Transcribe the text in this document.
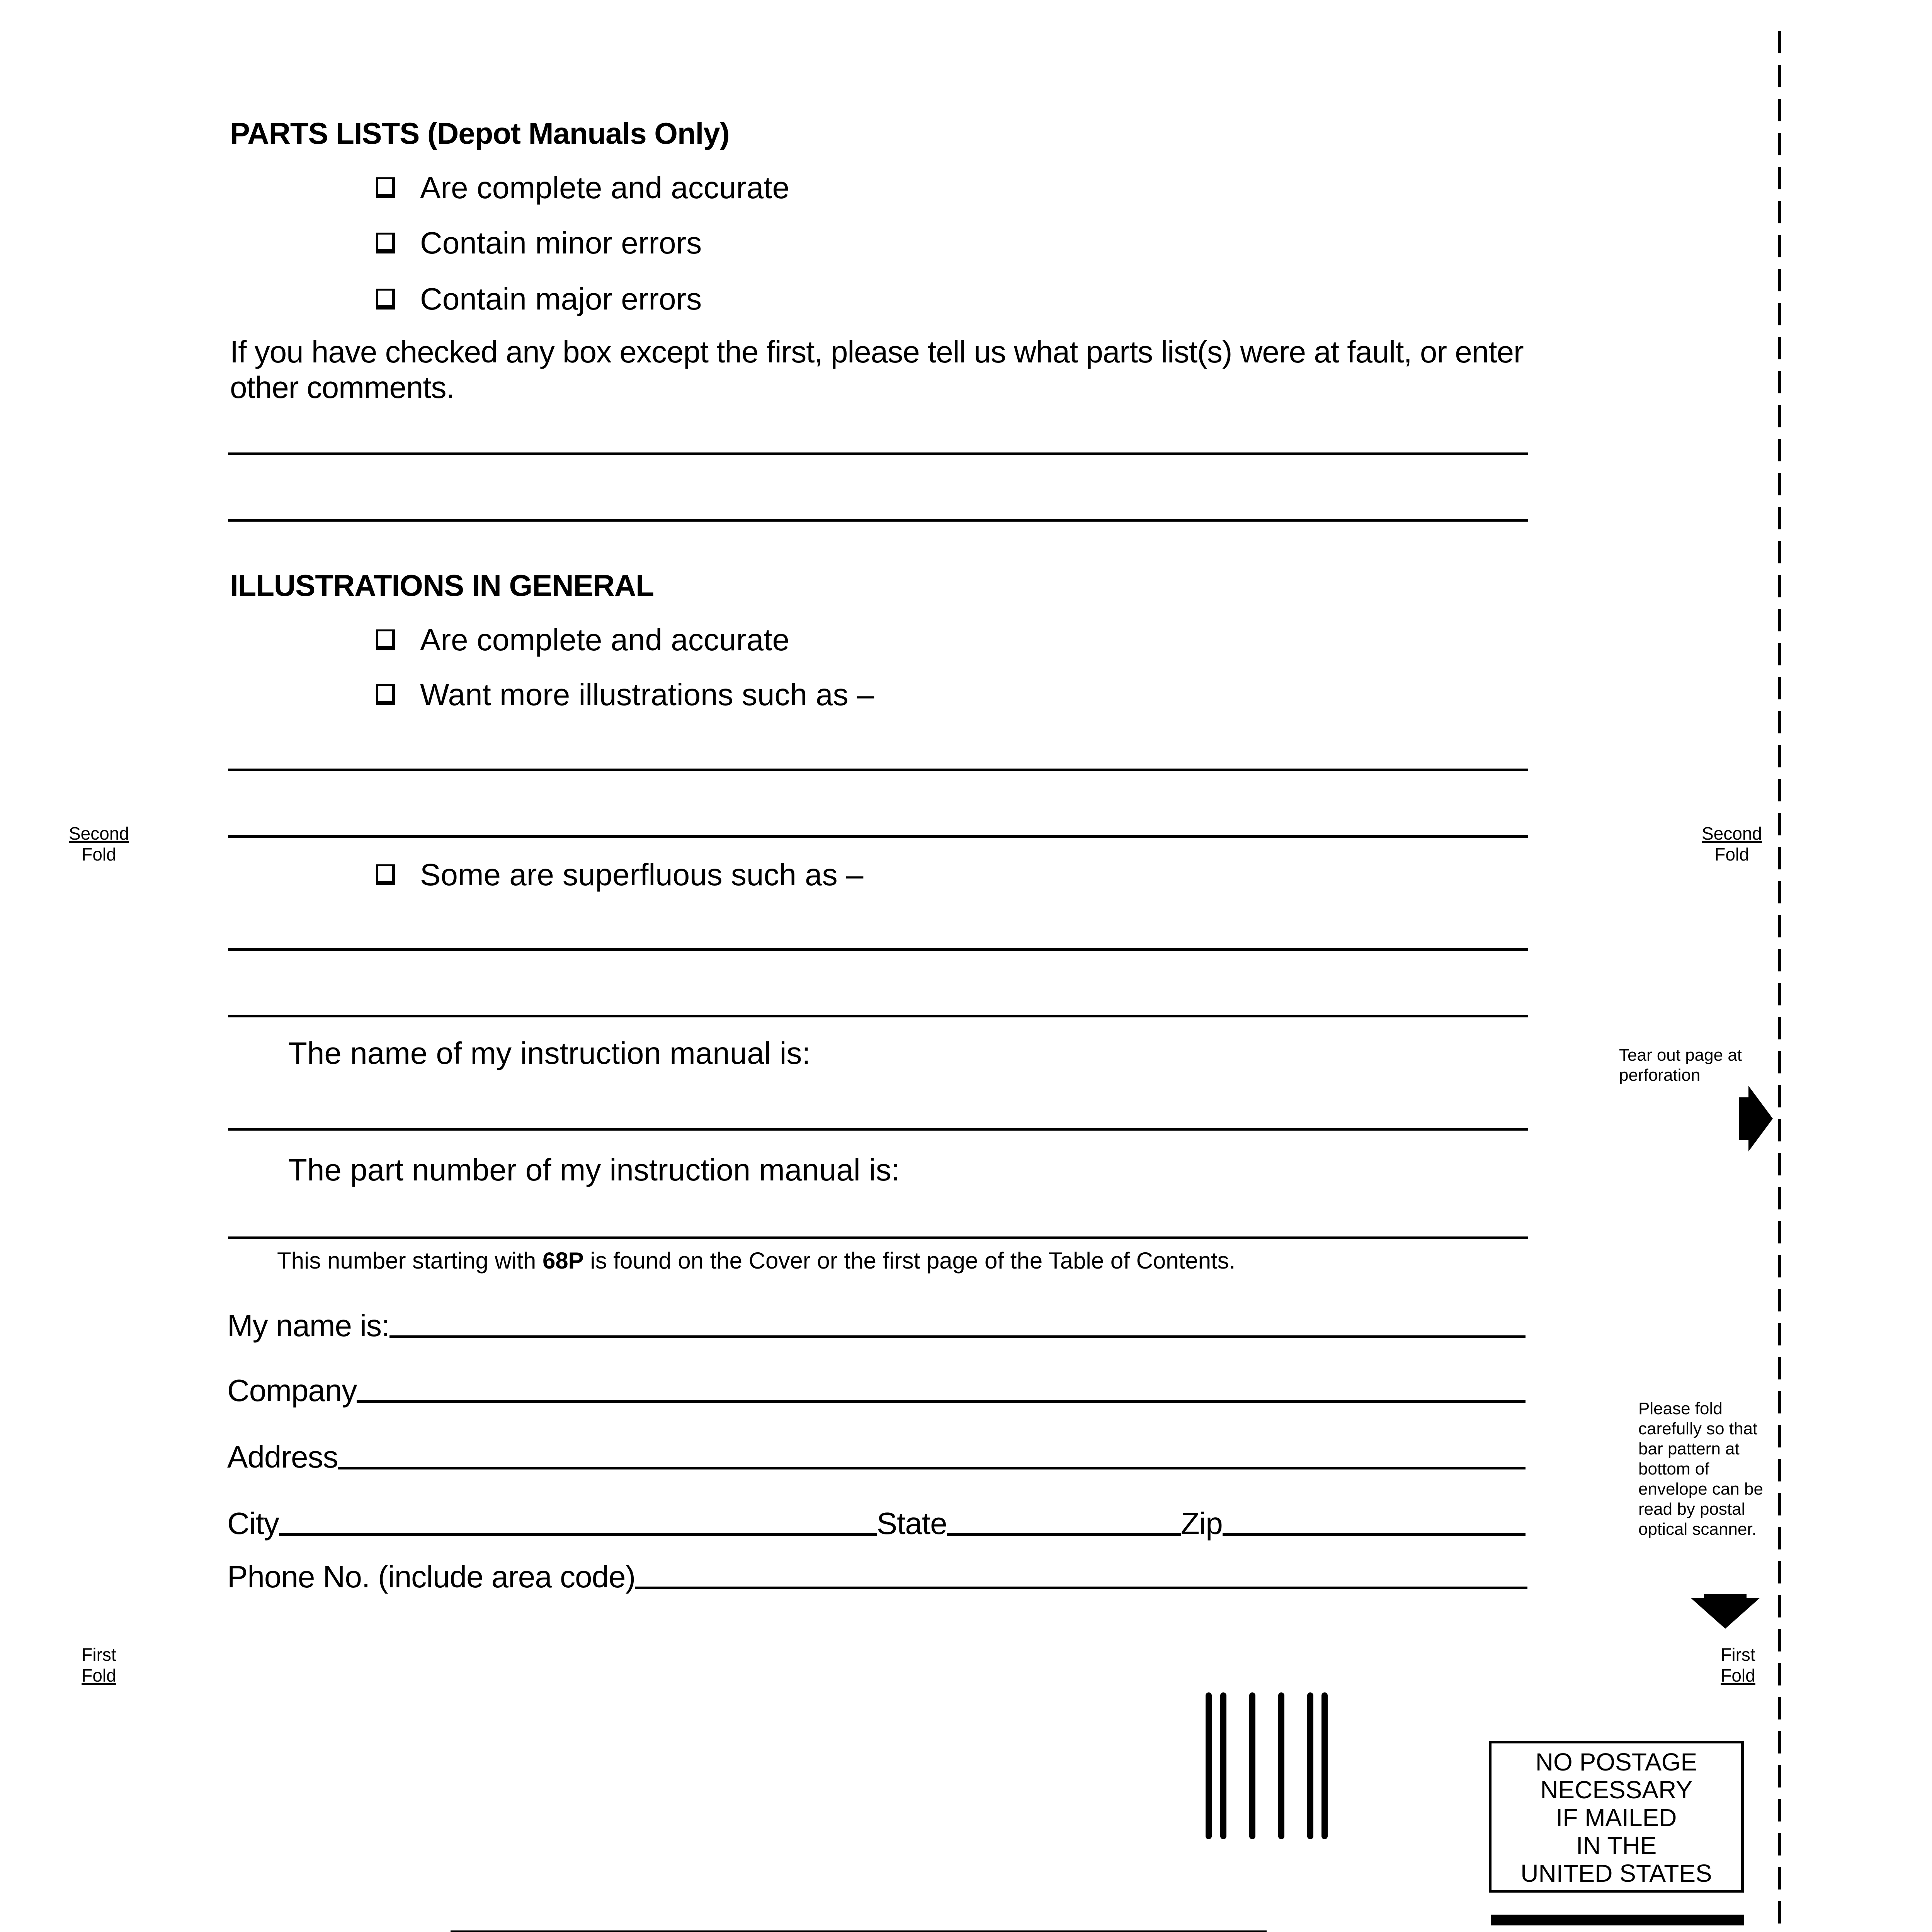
PARTS LISTS (Depot Manuals Only)
Are complete and accurate
Contain minor errors
Contain major errors
If you have checked any box except the first, please tell us what parts list(s) were at fault, or enter other comments.
ILLUSTRATIONS IN GENERAL
Are complete and accurate
Want more illustrations such as –
Some are superfluous such as –
The name of my instruction manual is:
The part number of my instruction manual is:
This number starting with 68P is found on the Cover or the first page of the Table of Contents.
My name is:
Company
Address
City	State	Zip
Phone No. (include area code)
Second
Fold
Second
Fold
First
Fold
First
Fold
Tear out page at perforation
Please fold carefully so that bar pattern at bottom of envelope can be read by postal optical scanner.
NO POSTAGE
NECESSARY
IF MAILED
IN THE
UNITED STATES
